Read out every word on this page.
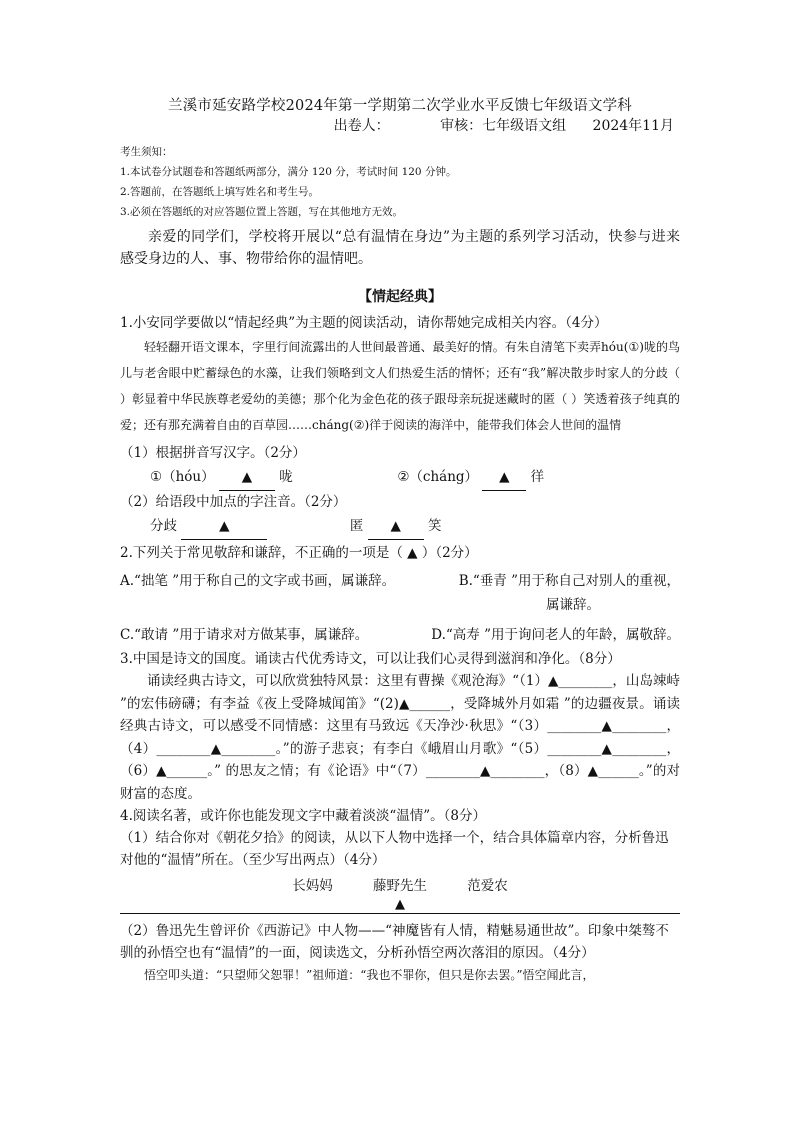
兰溪市延安路学校2024年第一学期第二次学业水平反馈七年级语文学科

出卷人：	审核：七年级语文组 2024年11月

考生须知：

1.本试卷分试题卷和答题纸两部分，满分 120 分，考试时间 120 分钟。

2.答题前，在答题纸上填写姓名和考生号。

3.必须在答题纸的对应答题位置上答题，写在其他地方无效。

亲爱的同学们，学校将开展以“总有温情在身边”为主题的系列学习活动，快参与进来感受身边的人、事、物带给你的温情吧。

【情起经典】

1.小安同学要做以“情起经典”为主题的阅读活动，请你帮她完成相关内容。（4分）

轻轻翻开语文课本，字里行间流露出的人世间最普通、最美好的情。有朱自清笔下卖弄hóu(①)咙的鸟儿与老舍眼中贮蓄绿色的水藻，让我们领略到文人们热爱生活的情怀；还有“我”解决散步时家人的分歧（ ）彰显着中华民族尊老爱幼的美德；那个化为金色花的孩子跟母亲玩捉迷藏时的匿（ ）笑透着孩子纯真的爱；还有那充满着自由的百草园……cháng(②)徉于阅读的海洋中，能带我们体会人世间的温情

（1）根据拼音写汉字。（2分）

①（hóu） ▲ 咙	②（cháng） ▲ 徉

（2）给语段中加点的字注音。（2分）

分歧	▲	匿 ▲ 笑

2.下列关于常见敬辞和谦辞，不正确的一项是（ ▲ ）（2分）

A.“拙笔 ”用于称自己的文字或书画，属谦辞。	B.“垂青 ”用于称自己对别人的重视，

属谦辞。

C.“敢请 ”用于请求对方做某事，属谦辞。	D.“高寿 ”用于询问老人的年龄，属敬辞。

3.中国是诗文的国度。诵读古代优秀诗文，可以让我们心灵得到滋润和净化。（8分）

诵读经典古诗文，可以欣赏独特风景：这里有曹操《观沧海》“（1）▲________，山岛竦峙 ”的宏伟磅礴；有李益《夜上受降城闻笛》“(2)▲______，受降城外月如霜 ”的边疆夜景。诵读经典古诗文，可以感受不同情感：这里有马致远《天净沙·秋思》“（3）________▲________，（4）________▲________。”的游子悲哀；有李白《峨眉山月歌》“（5）________▲________，（6）▲______。” 的思友之情；有《论语》中“（7）________▲________，（8）▲______。”的对财富的态度。

4.阅读名著，或许你也能发现文字中藏着淡淡“温情”。（8分）

（1）结合你对《朝花夕拾》的阅读，从以下人物中选择一个，结合具体篇章内容，分析鲁迅对他的“温情”所在。（至少写出两点）（4分）

长妈妈	藤野先生	范爱农

▲

（2）鲁迅先生曾评价《西游记》中人物——“神魔皆有人情，精魅易通世故”。印象中桀骜不驯的孙悟空也有“温情”的一面，阅读选文，分析孙悟空两次落泪的原因。（4分）

悟空叩头道：“只望师父恕罪！”祖师道：“我也不罪你，但只是你去罢。”悟空闻此言，
